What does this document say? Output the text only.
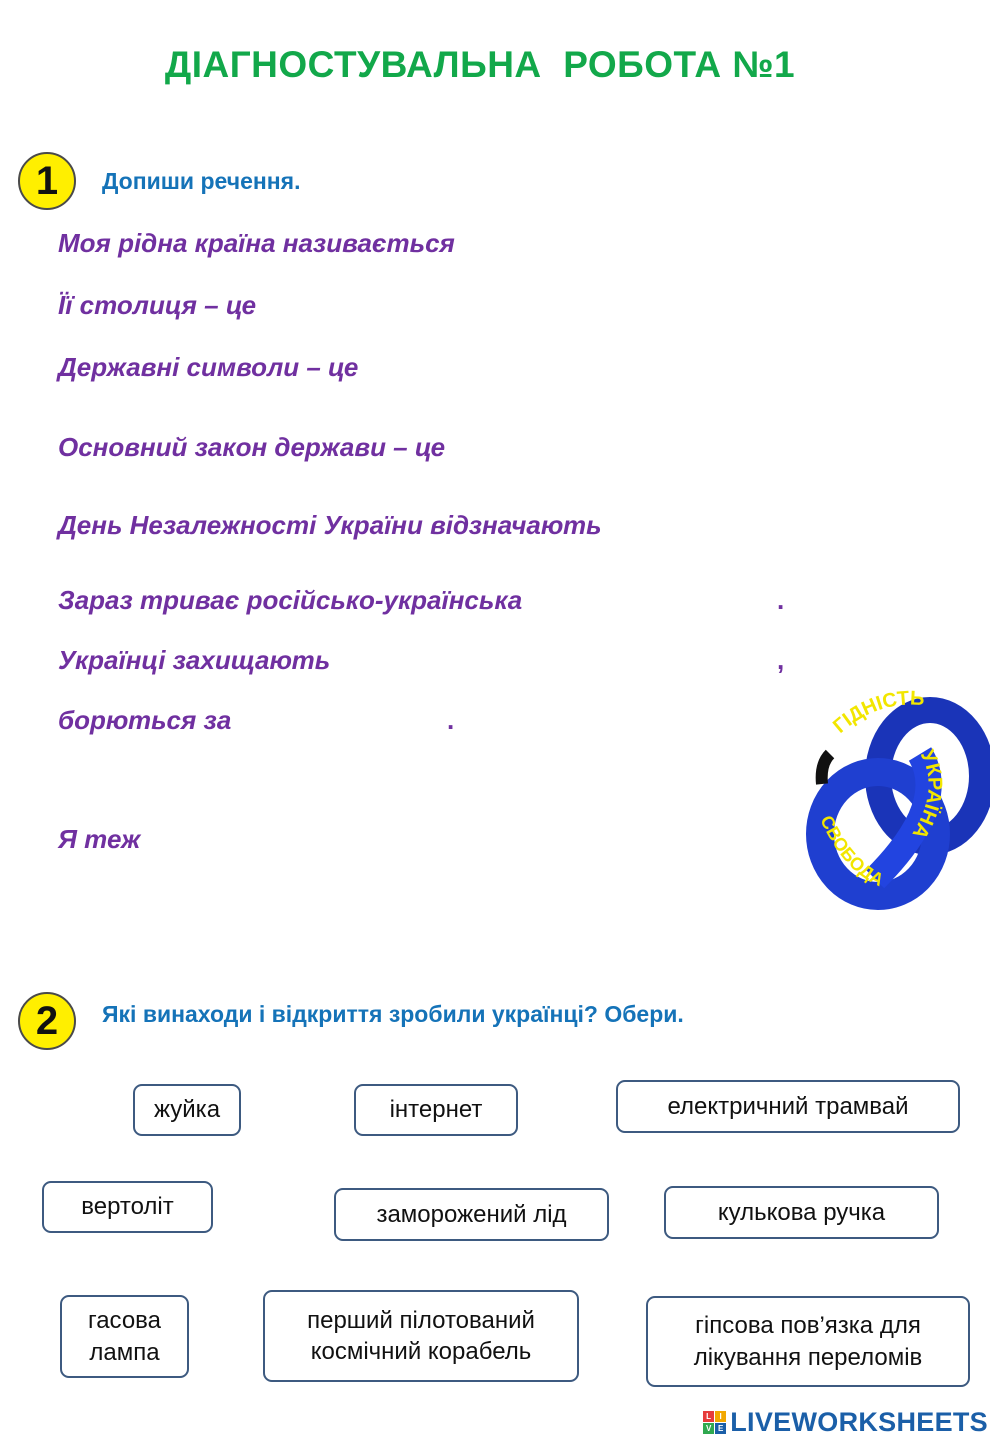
ДІАГНОСТУВАЛЬНА  РОБОТА №1
1	Допиши речення.
Моя рідна країна називається
Її столиця – це
Державні символи – це
Основний закон держави – це
День Незалежності України відзначають
Зараз триває російсько-українська	.
Українці захищають	,
борються за	.
Я теж
ГІДНІСТЬ
СВОБОДА
УКРАЇНА
2	Які винаходи і відкриття зробили українці? Обери.
жуйка	інтернет	електричний трамвай
вертоліт	заморожений лід	кулькова ручка
гасова лампа
перший пілотований космічний корабель
гіпсова пов’язка для лікування переломів
L	I
V E LIVEWORKSHEETS
